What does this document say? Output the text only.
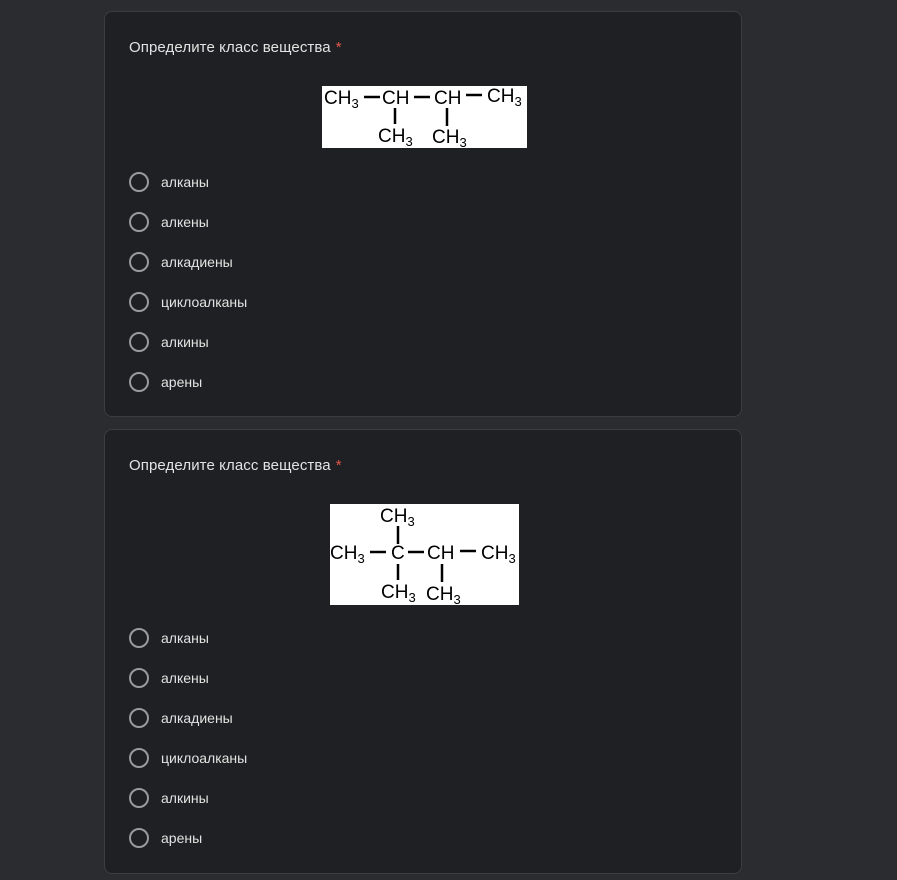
Определите класс вещества *
$CH_3$ CH CH $CH_3$
$CH_3$ $CH_3$
алканы
алкены
алкадиены
циклоалканы
алкины
арены
Определите класс вещества *
$CH_3$
$CH_3$ C CH $CH_3$
$CH_3$ $CH_3$
алканы
алкены
алкадиены
циклоалканы
алкины
арены
